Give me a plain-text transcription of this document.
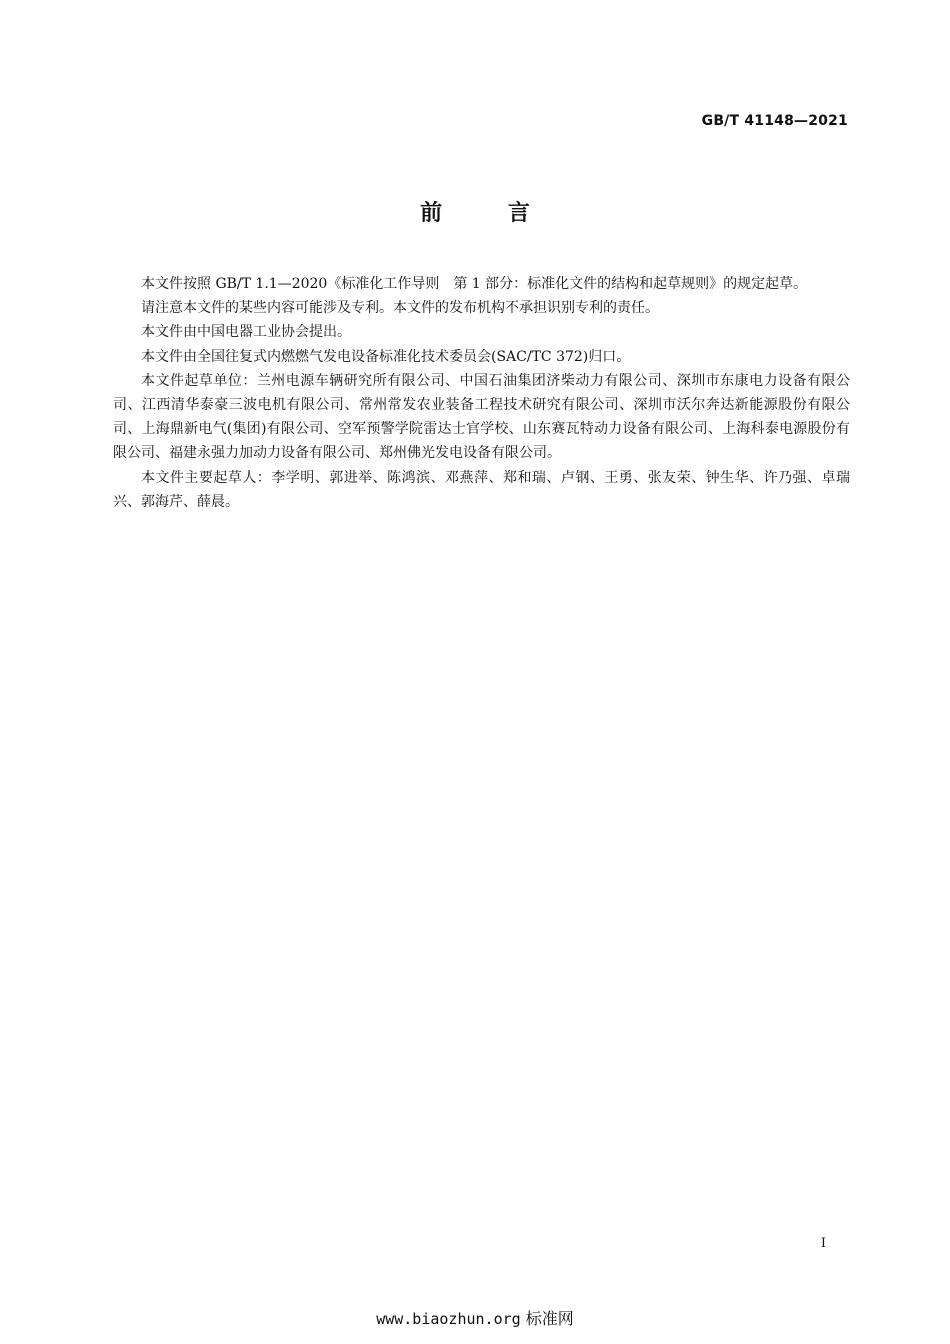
GB/T 41148—2021
前 言

本文件按照 GB/T 1.1—2020《标准化工作导则　第 1 部分：标准化文件的结构和起草规则》的规定起草。

请注意本文件的某些内容可能涉及专利。本文件的发布机构不承担识别专利的责任。

本文件由中国电器工业协会提出。

本文件由全国往复式内燃燃气发电设备标准化技术委员会(SAC/TC 372)归口。

本文件起草单位：兰州电源车辆研究所有限公司、中国石油集团济柴动力有限公司、深圳市东康电力设备有限公司、江西清华泰豪三波电机有限公司、常州常发农业装备工程技术研究有限公司、深圳市沃尔奔达新能源股份有限公司、上海鼎新电气(集团)有限公司、空军预警学院雷达士官学校、山东赛瓦特动力设备有限公司、上海科泰电源股份有限公司、福建永强力加动力设备有限公司、郑州佛光发电设备有限公司。

本文件主要起草人：李学明、郭进举、陈鸿滨、邓燕萍、郑和瑞、卢钢、王勇、张友荣、钟生华、许乃强、卓瑞兴、郭海芹、薛晨。

I
www.biaozhun.org 标准网
